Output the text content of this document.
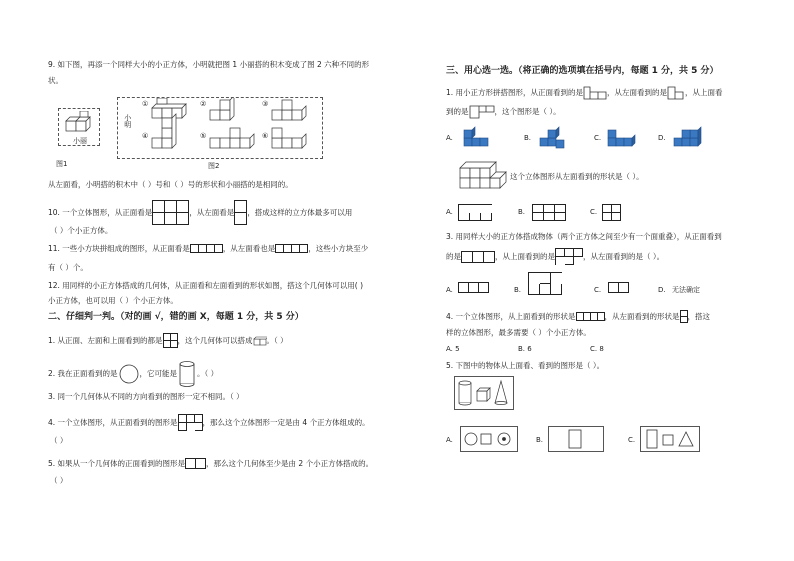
9. 如下图，再添一个同样大小的小正方体，小明就把图 1 小丽搭的积木变成了图 2 六种不同的形
状。
小丽
图1
小明
①	②	③
④	⑤	⑥
图2
从左面看，小明搭的积木中（ ）号和（ ）号的形状和小丽搭的是相同的。
10. 一个立体图形，从正面看是	，从左面看是 ，搭成这样的立方体最多可以用
（ ）个小正方体。
11. 一些小方块拼组成的图形，从正面看是	，从左面看也是	，这些小方块至少
有（ ）个。
12. 用同样的小正方体搭成的几何体，从正面看和左面看到的形状如图，搭这个几何体可以用( )
小正方体，也可以用（ ）个小正方体。
二、仔细判一判。（对的画 √，错的画 X，每题 1 分，共 5 分）
1. 从正面、左面和上面看到的都是 ，这个几何体可以搭成 。（ ）
2. 我在正面看到的是	，它可能是	。（ ）
3. 同一个几何体从不同的方向看到的图形一定不相同。（ ）
4. 一个立体图形，从正面看到的图形是	，那么这个立体图形一定是由 4 个正方体组成的。
（ ）
5. 如果从一个几何体的正面看到的图形是	，那么这个几何体至少是由 2 个小正方体搭成的。
（ ）
三、用心选一选。（将正确的选项填在括号内，每题 1 分，共 5 分）
1. 用小正方形拼搭图形，从正面看到的是	，从左面看到的是 ，从上面看
到的是	，这个图形是（ ）。
A.	B.	C.	D.
这个立体图形从左面看到的形状是（ ）。
A.	B.	C.
3. 用同样大小的正方体搭成物体（两个正方体之间至少有一个面重叠），从正面看到
的是	，从上面看到的是	，从左面看到的是（ ）。
A.	B.	C.	D. 无法确定
4. 一个立体图形，从上面看到的形状是	，从左面看到的形状是 ，搭这
样的立体图形，最多需要（ ）个小正方体。
A. 5	B. 6	C. 8
5. 下图中的物体从上面看、看到的图形是（ ）。
A.	B.	C.
